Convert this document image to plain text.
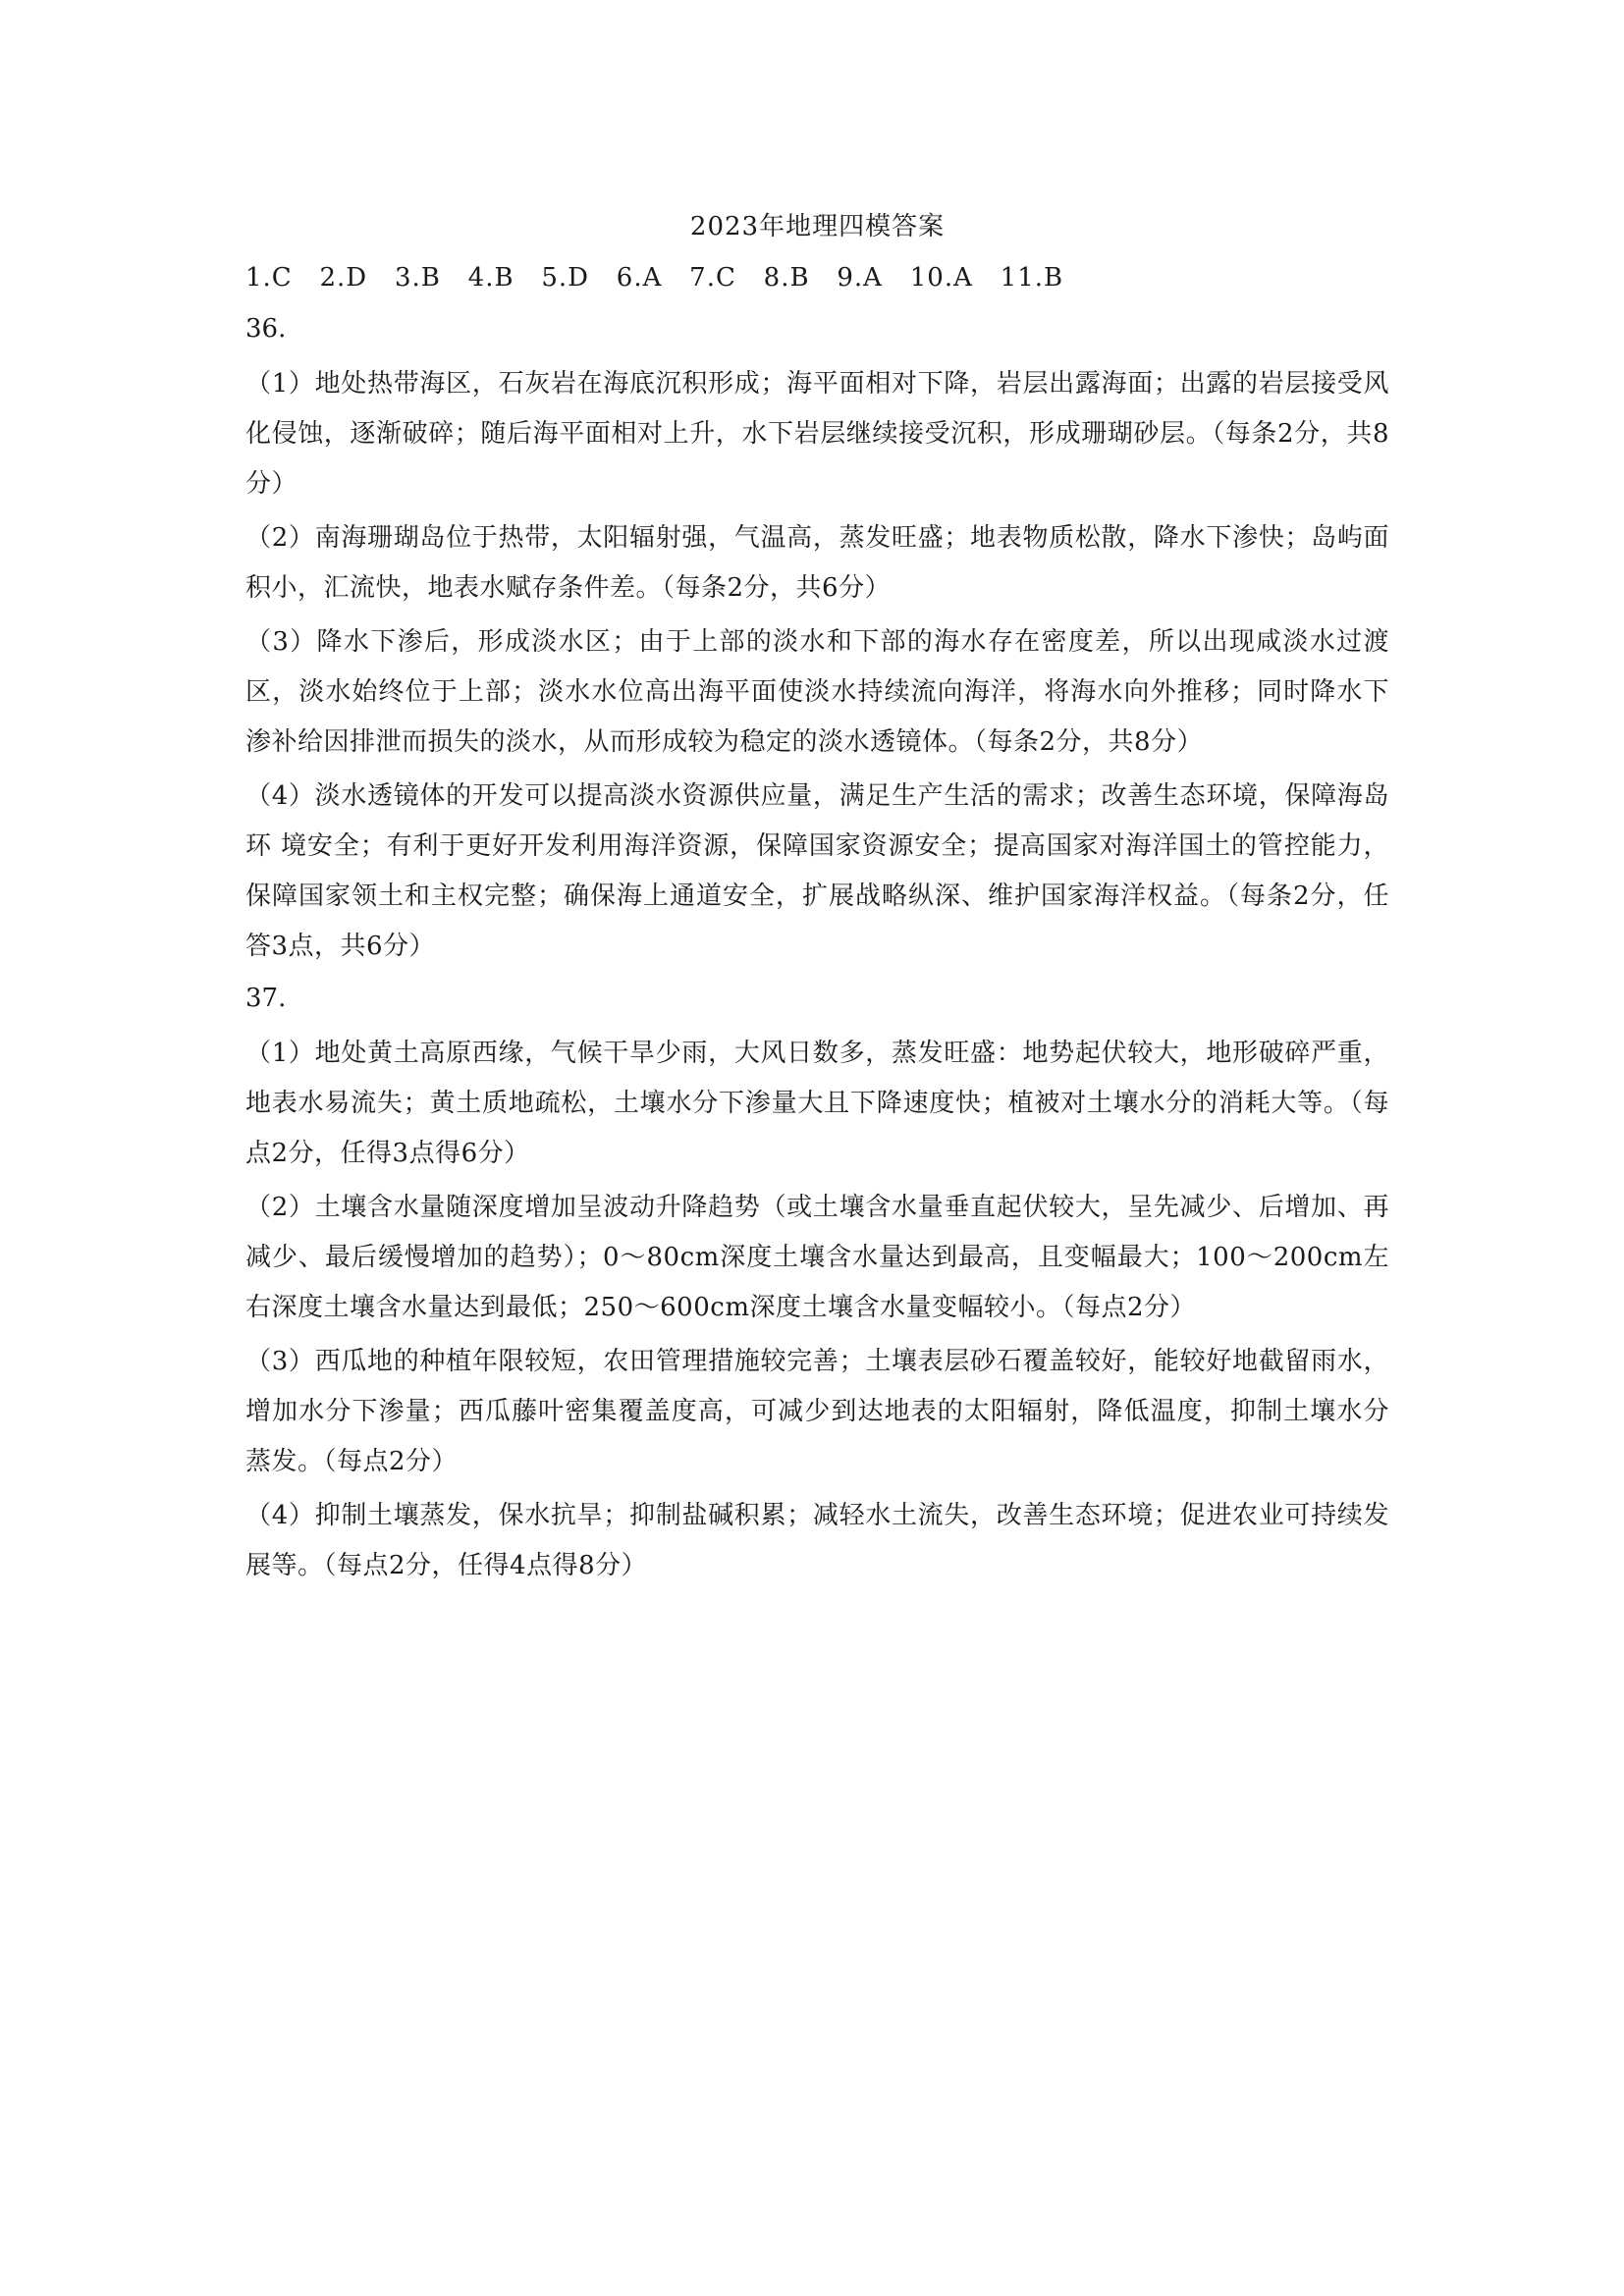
2023年地理四模答案
1.C   2.D   3.B   4.B   5.D   6.A   7.C   8.B   9.A   10.A   11.B
36.
（1）地处热带海区，石灰岩在海底沉积形成；海平面相对下降，岩层出露海面；出露的岩层接受风化侵蚀，逐渐破碎；随后海平面相对上升，水下岩层继续接受沉积，形成珊瑚砂层。（每条2分，共8分）
（2）南海珊瑚岛位于热带，太阳辐射强，气温高，蒸发旺盛；地表物质松散，降水下渗快；岛屿面积小，汇流快，地表水赋存条件差。（每条2分，共6分）
（3）降水下渗后，形成淡水区；由于上部的淡水和下部的海水存在密度差，所以出现咸淡水过渡区，淡水始终位于上部；淡水水位高出海平面使淡水持续流向海洋，将海水向外推移；同时降水下渗补给因排泄而损失的淡水，从而形成较为稳定的淡水透镜体。（每条2分，共8分）
（4）淡水透镜体的开发可以提高淡水资源供应量，满足生产生活的需求；改善生态环境，保障海岛环 境安全；有利于更好开发利用海洋资源，保障国家资源安全；提高国家对海洋国土的管控能力，保障国家领土和主权完整；确保海上通道安全，扩展战略纵深、维护国家海洋权益。（每条2分，任答3点，共6分）
37.
（1）地处黄土高原西缘，气候干旱少雨，大风日数多，蒸发旺盛：地势起伏较大，地形破碎严重，地表水易流失；黄土质地疏松，土壤水分下渗量大且下降速度快；植被对土壤水分的消耗大等。（每点2分，任得3点得6分）
（2）土壤含水量随深度增加呈波动升降趋势（或土壤含水量垂直起伏较大，呈先减少、后增加、再减少、最后缓慢增加的趋势）；0～80cm深度土壤含水量达到最高，且变幅最大；100～200cm左右深度土壤含水量达到最低；250～600cm深度土壤含水量变幅较小。（每点2分）
（3）西瓜地的种植年限较短，农田管理措施较完善；土壤表层砂石覆盖较好，能较好地截留雨水，增加水分下渗量；西瓜藤叶密集覆盖度高，可减少到达地表的太阳辐射，降低温度，抑制土壤水分蒸发。（每点2分）
（4）抑制土壤蒸发，保水抗旱；抑制盐碱积累；减轻水土流失，改善生态环境；促进农业可持续发展等。（每点2分，任得4点得8分）
